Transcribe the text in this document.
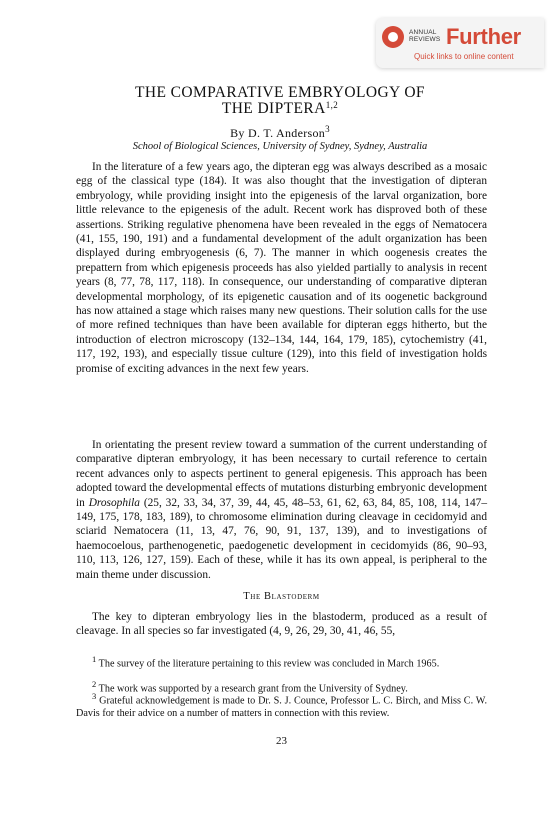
ANNUAL
REVIEWS Further
Quick links to online content
THE COMPARATIVE EMBRYOLOGY OF
THE DIPTERA$^{1,2}$
By D. T. Anderson$^3$
School of Biological Sciences, University of Sydney, Sydney, Australia
In the literature of a few years ago, the dipteran egg was always described as a mosaic egg of the classical type (184). It was also thought that the investigation of dipteran embryology, while providing insight into the epigenesis of the larval organization, bore little relevance to the epigenesis of the adult. Recent work has disproved both of these assertions. Striking regulative phenomena have been revealed in the eggs of Nematocera (41, 155, 190, 191) and a fundamental development of the adult organization has been displayed during embryogenesis (6, 7). The manner in which oogenesis creates the prepattern from which epigenesis proceeds has also yielded partially to analysis in recent years (8, 77, 78, 117, 118). In consequence, our understanding of comparative dipteran developmental morphology, of its epigenetic causation and of its oogenetic background has now attained a stage which raises many new questions. Their solution calls for the use of more refined techniques than have been available for dipteran eggs hitherto, but the introduction of electron microscopy (132–134, 144, 164, 179, 185), cytochemistry (41, 117, 192, 193), and especially tissue culture (129), into this field of investigation holds promise of exciting advances in the next few years.
In orientating the present review toward a summation of the current understanding of comparative dipteran embryology, it has been necessary to curtail reference to certain recent advances only to aspects pertinent to general epigenesis. This approach has been adopted toward the developmental effects of mutations disturbing embryonic development in Drosophila (25, 32, 33, 34, 37, 39, 44, 45, 48–53, 61, 62, 63, 84, 85, 108, 114, 147–149, 175, 178, 183, 189), to chromosome elimination during cleavage in cecidomyid and sciarid Nematocera (11, 13, 47, 76, 90, 91, 137, 139), and to investigations of haemocoelous, parthenogenetic, paedogenetic development in cecidomyids (86, 90–93, 110, 113, 126, 127, 159). Each of these, while it has its own appeal, is peripheral to the main theme under discussion.
The Blastoderm
The key to dipteran embryology lies in the blastoderm, produced as a result of cleavage. In all species so far investigated (4, 9, 26, 29, 30, 41, 46, 55,
$^1$ The survey of the literature pertaining to this review was concluded in March 1965.
$^2$ The work was supported by a research grant from the University of Sydney.
$^3$ Grateful acknowledgement is made to Dr. S. J. Counce, Professor L. C. Birch, and Miss C. W. Davis for their advice on a number of matters in connection with this review.
23
